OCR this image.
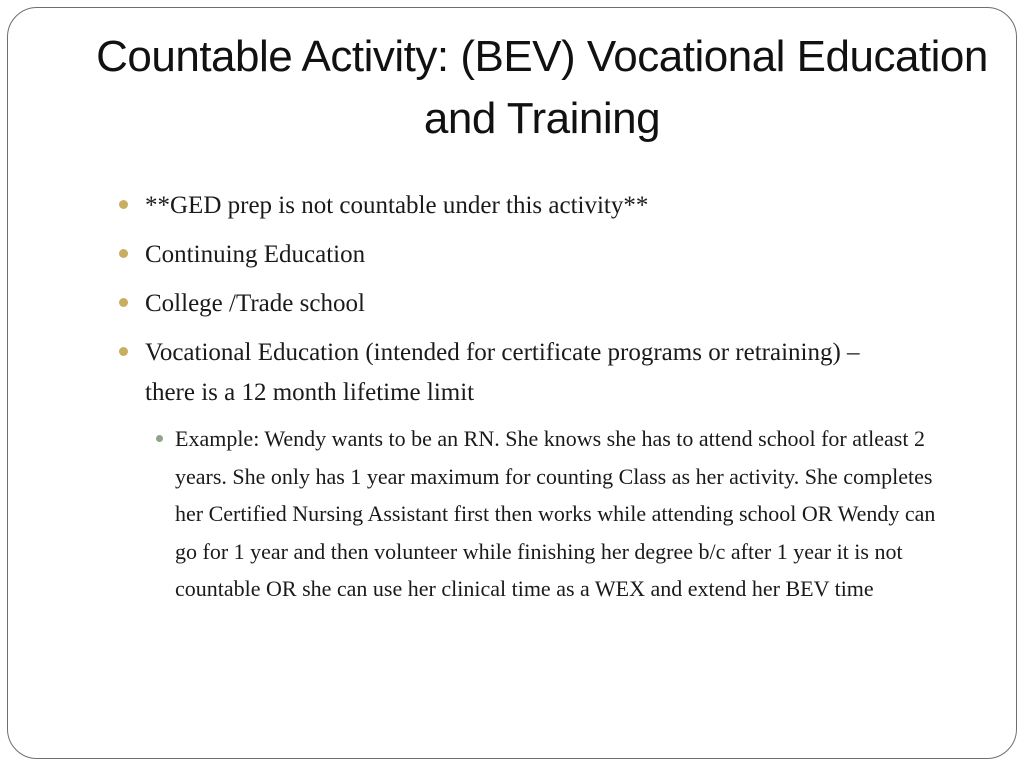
Countable Activity: (BEV) Vocational Education and Training
**GED prep is not countable under this activity**
Continuing Education
College /Trade school
Vocational Education (intended for certificate programs or retraining) – there is a 12 month lifetime limit
Example: Wendy wants to be an RN. She knows she has to attend school for atleast 2 years. She only has 1 year maximum for counting Class as her activity. She completes her Certified Nursing Assistant first then works while attending school OR Wendy can go for 1 year and then volunteer while finishing her degree b/c after 1 year it is not countable OR she can use her clinical time as a WEX and extend her BEV time
